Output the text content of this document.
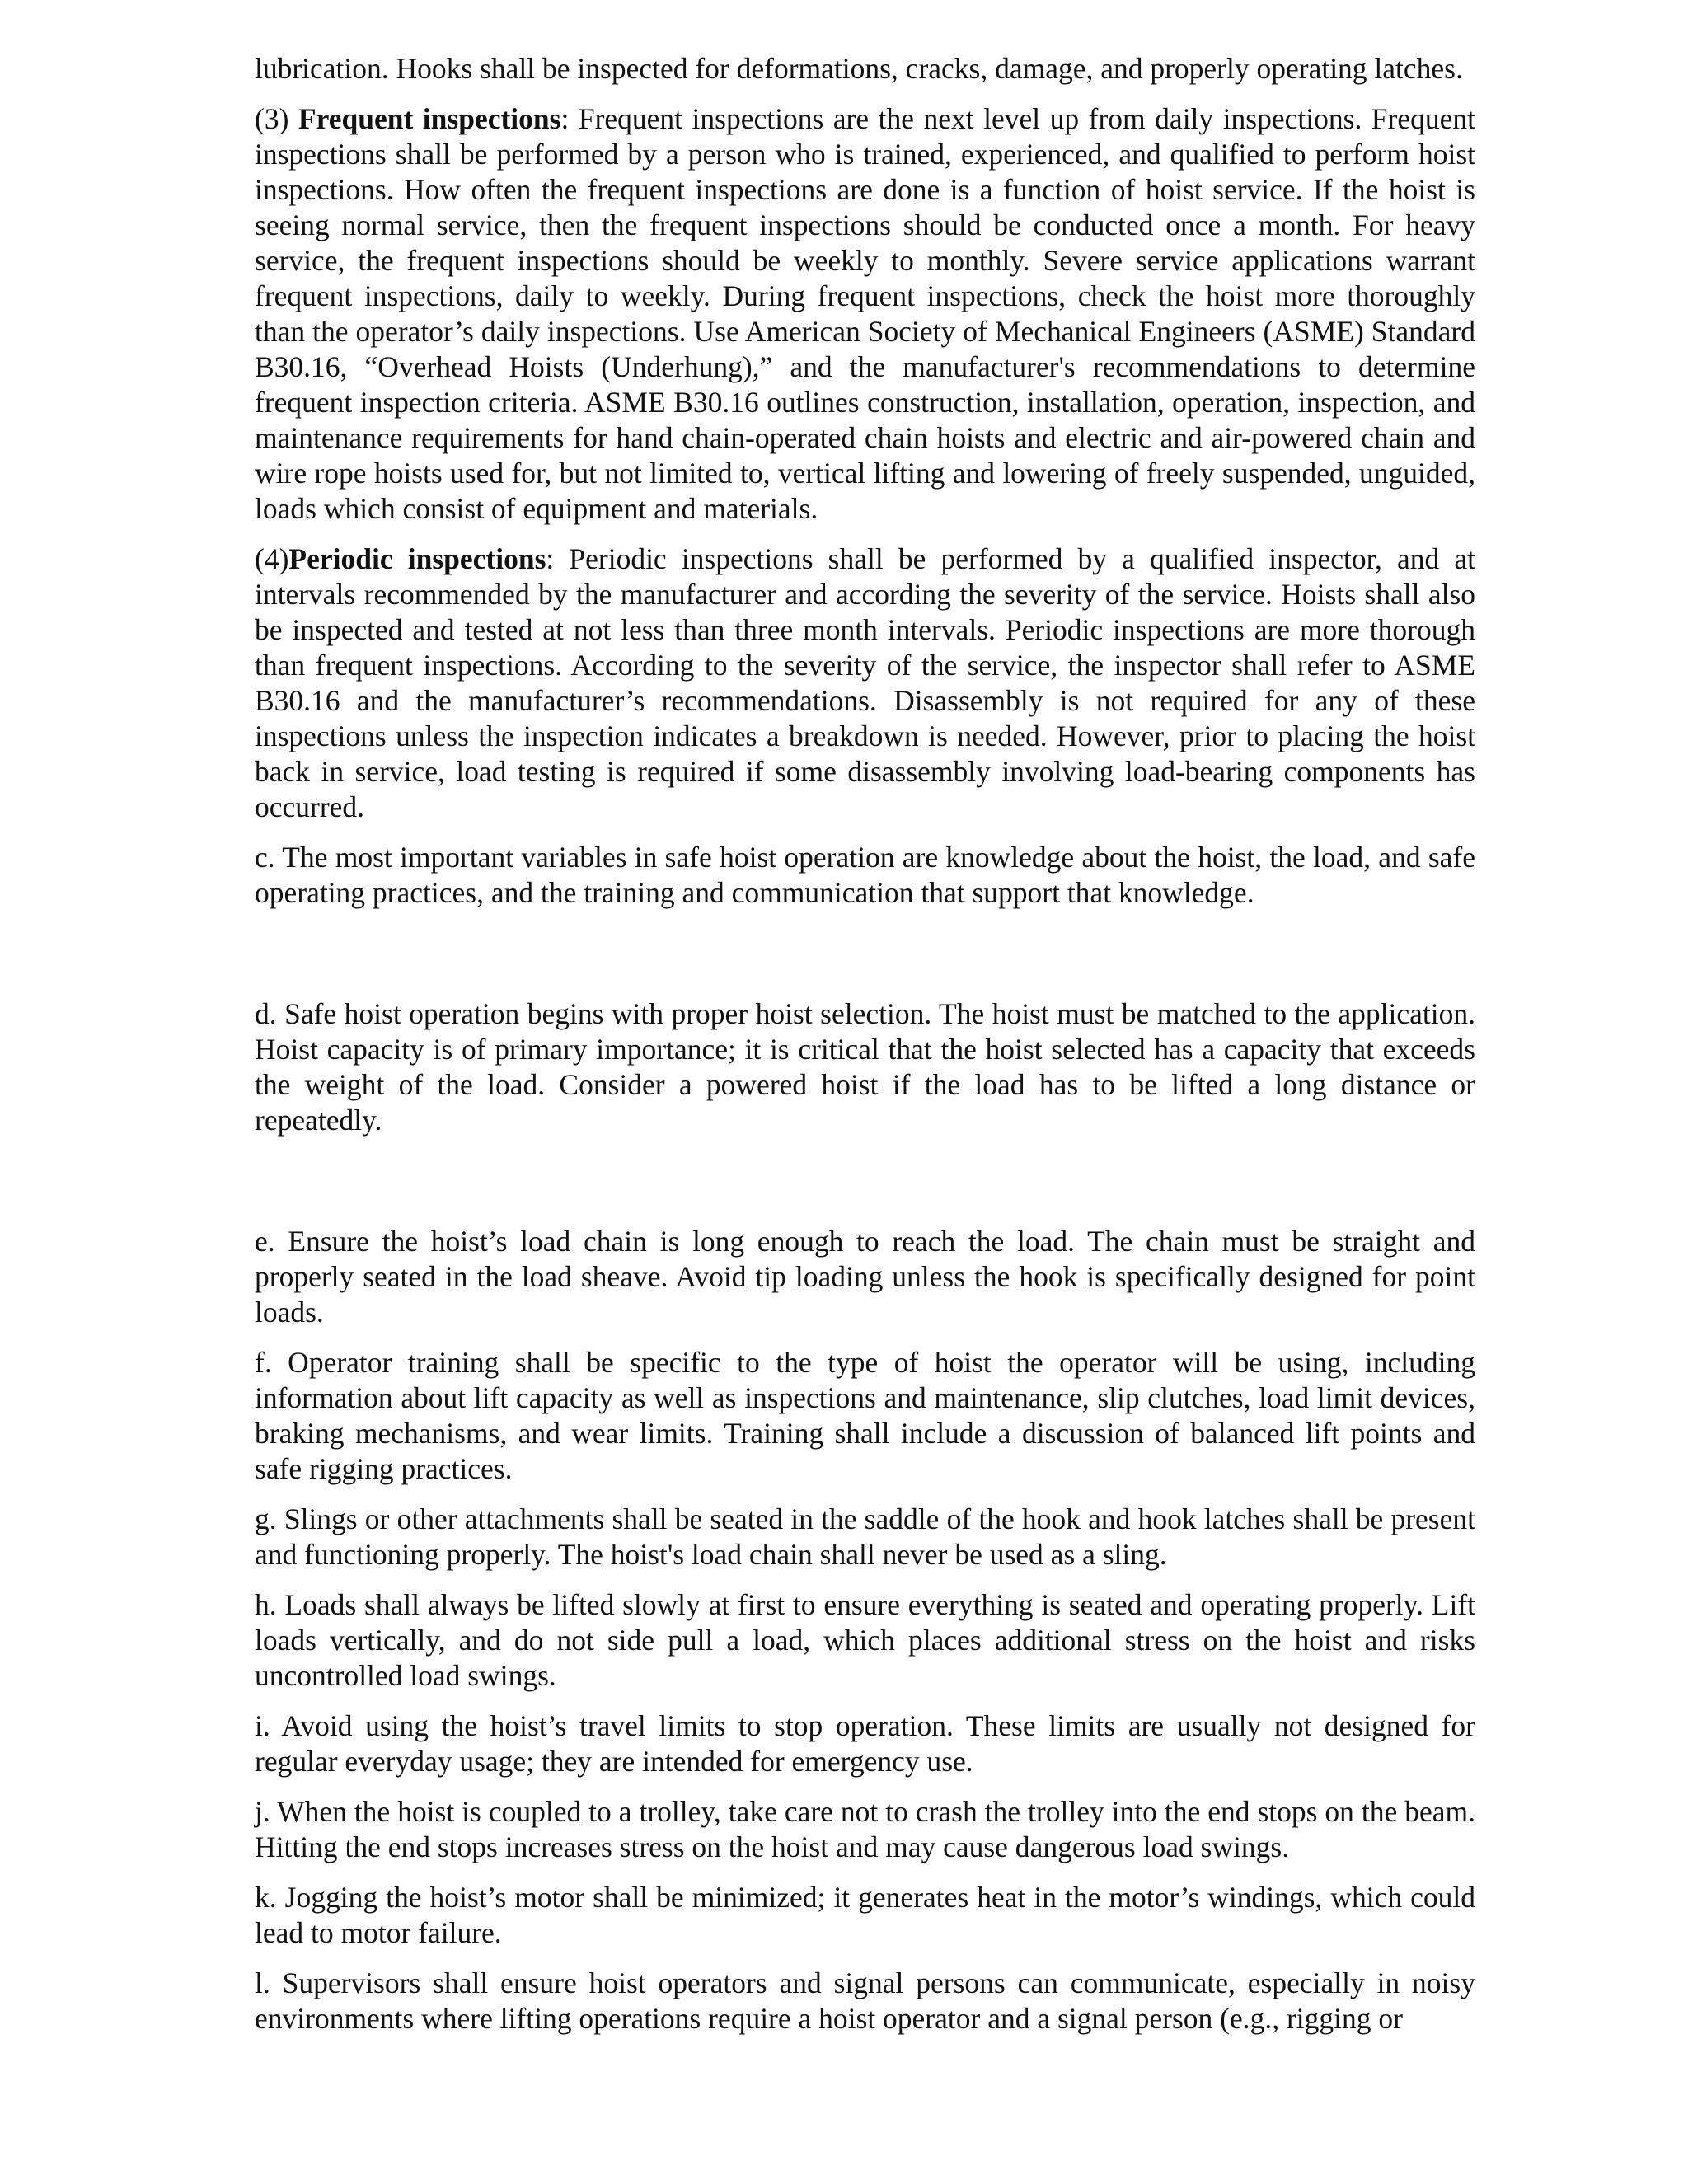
lubrication. Hooks shall be inspected for deformations, cracks, damage, and properly operating latches.

(3) Frequent inspections: Frequent inspections are the next level up from daily inspections. Frequent inspections shall be performed by a person who is trained, experienced, and qualified to perform hoist inspections. How often the frequent inspections are done is a function of hoist service. If the hoist is seeing normal service, then the frequent inspections should be conducted once a month. For heavy service, the frequent inspections should be weekly to monthly. Severe service applications warrant frequent inspections, daily to weekly. During frequent inspections, check the hoist more thoroughly than the operator’s daily inspections. Use American Society of Mechanical Engineers (ASME) Standard B30.16, “Overhead Hoists (Underhung),” and the manufacturer's recommendations to determine frequent inspection criteria. ASME B30.16 outlines construction, installation, operation, inspection, and maintenance requirements for hand chain-operated chain hoists and electric and air-powered chain and wire rope hoists used for, but not limited to, vertical lifting and lowering of freely suspended, unguided, loads which consist of equipment and materials.

(4)Periodic inspections: Periodic inspections shall be performed by a qualified inspector, and at intervals recommended by the manufacturer and according the severity of the service. Hoists shall also be inspected and tested at not less than three month intervals. Periodic inspections are more thorough than frequent inspections. According to the severity of the service, the inspector shall refer to ASME B30.16 and the manufacturer’s recommendations. Disassembly is not required for any of these inspections unless the inspection indicates a breakdown is needed. However, prior to placing the hoist back in service, load testing is required if some disassembly involving load-bearing components has occurred.

c. The most important variables in safe hoist operation are knowledge about the hoist, the load, and safe operating practices, and the training and communication that support that knowledge.

d. Safe hoist operation begins with proper hoist selection. The hoist must be matched to the application. Hoist capacity is of primary importance; it is critical that the hoist selected has a capacity that exceeds the weight of the load. Consider a powered hoist if the load has to be lifted a long distance or repeatedly.

e. Ensure the hoist’s load chain is long enough to reach the load. The chain must be straight and properly seated in the load sheave. Avoid tip loading unless the hook is specifically designed for point loads.

f. Operator training shall be specific to the type of hoist the operator will be using, including information about lift capacity as well as inspections and maintenance, slip clutches, load limit devices, braking mechanisms, and wear limits. Training shall include a discussion of balanced lift points and safe rigging practices.

g. Slings or other attachments shall be seated in the saddle of the hook and hook latches shall be present and functioning properly. The hoist's load chain shall never be used as a sling.

h. Loads shall always be lifted slowly at first to ensure everything is seated and operating properly. Lift loads vertically, and do not side pull a load, which places additional stress on the hoist and risks uncontrolled load swings.

i. Avoid using the hoist’s travel limits to stop operation. These limits are usually not designed for regular everyday usage; they are intended for emergency use.

j. When the hoist is coupled to a trolley, take care not to crash the trolley into the end stops on the beam. Hitting the end stops increases stress on the hoist and may cause dangerous load swings.

k. Jogging the hoist’s motor shall be minimized; it generates heat in the motor’s windings, which could lead to motor failure.

l. Supervisors shall ensure hoist operators and signal persons can communicate, especially in noisy environments where lifting operations require a hoist operator and a signal person (e.g., rigging or
